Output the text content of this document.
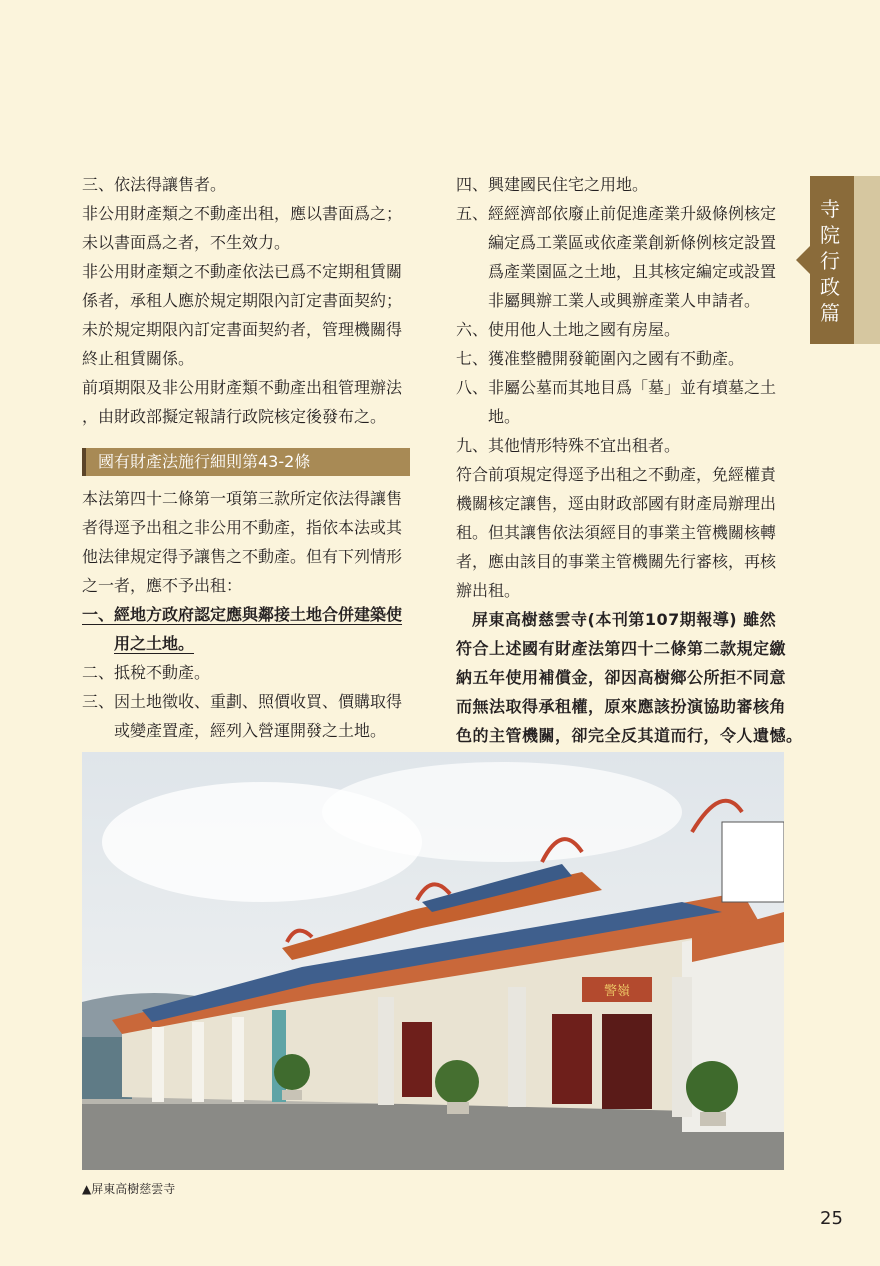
寺
院
行
政
篇

三、依法得讓售者。

非公用財產類之不動產出租，應以書面爲之；

未以書面爲之者，不生效力。

非公用財產類之不動產依法已爲不定期租賃關

係者，承租人應於規定期限內訂定書面契約；

未於規定期限內訂定書面契約者，管理機關得

終止租賃關係。

前項期限及非公用財產類不動產出租管理辦法

，由財政部擬定報請行政院核定後發布之。

國有財產法施行細則第43-2條

本法第四十二條第一項第三款所定依法得讓售

者得逕予出租之非公用不動產，指依本法或其

他法律規定得予讓售之不動產。但有下列情形

之一者，應不予出租：

一、經地方政府認定應與鄰接土地合併建築使

用之土地。

二、抵稅不動產。

三、因土地徵收、重劃、照價收買、價購取得

或變產置產，經列入營運開發之土地。

四、興建國民住宅之用地。

五、經經濟部依廢止前促進產業升級條例核定

編定爲工業區或依產業創新條例核定設置

爲產業園區之土地，且其核定編定或設置

非屬興辦工業人或興辦產業人申請者。

六、使用他人土地之國有房屋。

七、獲准整體開發範圍內之國有不動產。

八、非屬公墓而其地目爲「墓」並有墳墓之土

地。

九、其他情形特殊不宜出租者。

符合前項規定得逕予出租之不動產，免經權責

機關核定讓售，逕由財政部國有財產局辦理出

租。但其讓售依法須經目的事業主管機關核轉

者，應由該目的事業主管機關先行審核，再核

辦出租。

屏東高樹慈雲寺(本刊第107期報導) 雖然

符合上述國有財產法第四十二條第二款規定繳

納五年使用補償金，卻因高樹鄉公所拒不同意

而無法取得承租權，原來應該扮演協助審核角

色的主管機關，卻完全反其道而行，令人遺憾。

警嶺
▲屏東高樹慈雲寺
25
